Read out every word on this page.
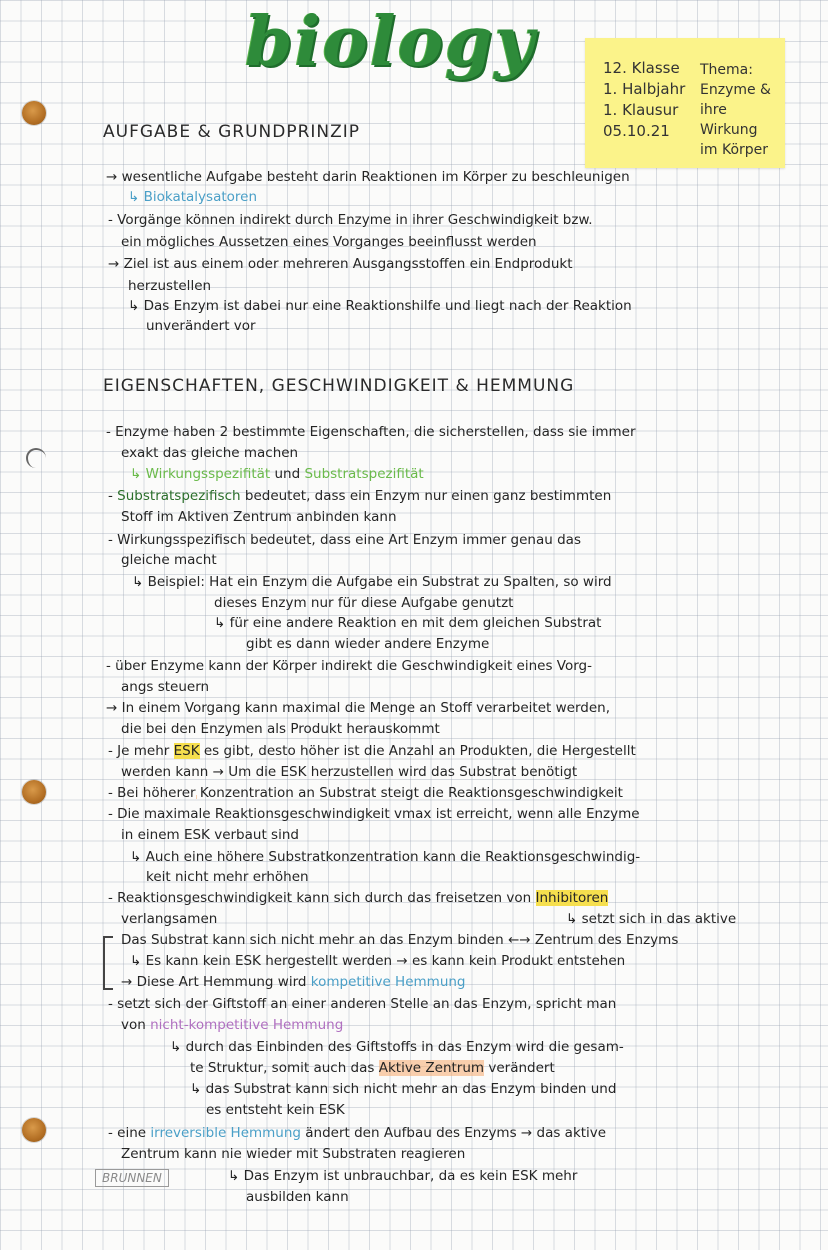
biology	12. Klasse
1. Halbjahr
1. Klausur
05.10.21
Thema:
Enzyme &
ihre Wirkung
im Körper
AUFGABE & GRUNDPRINZIP
→ wesentliche Aufgabe besteht darin Reaktionen im Körper zu beschleunigen
↳ Biokatalysatoren
- Vorgänge können indirekt durch Enzyme in ihrer Geschwindigkeit bzw.
ein mögliches Aussetzen eines Vorganges beeinflusst werden
→ Ziel ist aus einem oder mehreren Ausgangsstoffen ein Endprodukt
herzustellen
↳ Das Enzym ist dabei nur eine Reaktionshilfe und liegt nach der Reaktion
unverändert vor
EIGENSCHAFTEN, GESCHWINDIGKEIT & HEMMUNG
- Enzyme haben 2 bestimmte Eigenschaften, die sicherstellen, dass sie immer
exakt das gleiche machen
↳ Wirkungsspezifität und Substratspezifität
- Substratspezifisch bedeutet, dass ein Enzym nur einen ganz bestimmten
Stoff im Aktiven Zentrum anbinden kann
- Wirkungsspezifisch bedeutet, dass eine Art Enzym immer genau das
gleiche macht
↳ Beispiel: Hat ein Enzym die Aufgabe ein Substrat zu Spalten, so wird
dieses Enzym nur für diese Aufgabe genutzt
↳ für eine andere Reaktion en mit dem gleichen Substrat
gibt es dann wieder andere Enzyme
- über Enzyme kann der Körper indirekt die Geschwindigkeit eines Vorg-
angs steuern
→ In einem Vorgang kann maximal die Menge an Stoff verarbeitet werden,
die bei den Enzymen als Produkt herauskommt
- Je mehr ESK es gibt, desto höher ist die Anzahl an Produkten, die Hergestellt
werden kann → Um die ESK herzustellen wird das Substrat benötigt
- Bei höherer Konzentration an Substrat steigt die Reaktionsgeschwindigkeit
- Die maximale Reaktionsgeschwindigkeit vmax ist erreicht, wenn alle Enzyme
in einem ESK verbaut sind
↳ Auch eine höhere Substratkonzentration kann die Reaktionsgeschwindig-
keit nicht mehr erhöhen
- Reaktionsgeschwindigkeit kann sich durch das freisetzen von Inhibitoren
verlangsamen	↳ setzt sich in das aktive
Das Substrat kann sich nicht mehr an das Enzym binden ←→ Zentrum des Enzyms
↳ Es kann kein ESK hergestellt werden → es kann kein Produkt entstehen
→ Diese Art Hemmung wird kompetitive Hemmung
- setzt sich der Giftstoff an einer anderen Stelle an das Enzym, spricht man
von nicht-kompetitive Hemmung
↳ durch das Einbinden des Giftstoffs in das Enzym wird die gesam-
te Struktur, somit auch das Aktive Zentrum verändert
↳ das Substrat kann sich nicht mehr an das Enzym binden und
es entsteht kein ESK
- eine irreversible Hemmung ändert den Aufbau des Enzyms → das aktive
Zentrum kann nie wieder mit Substraten reagieren
↳ Das Enzym ist unbrauchbar, da es kein ESK mehr
ausbilden kann
BRUNNEN
